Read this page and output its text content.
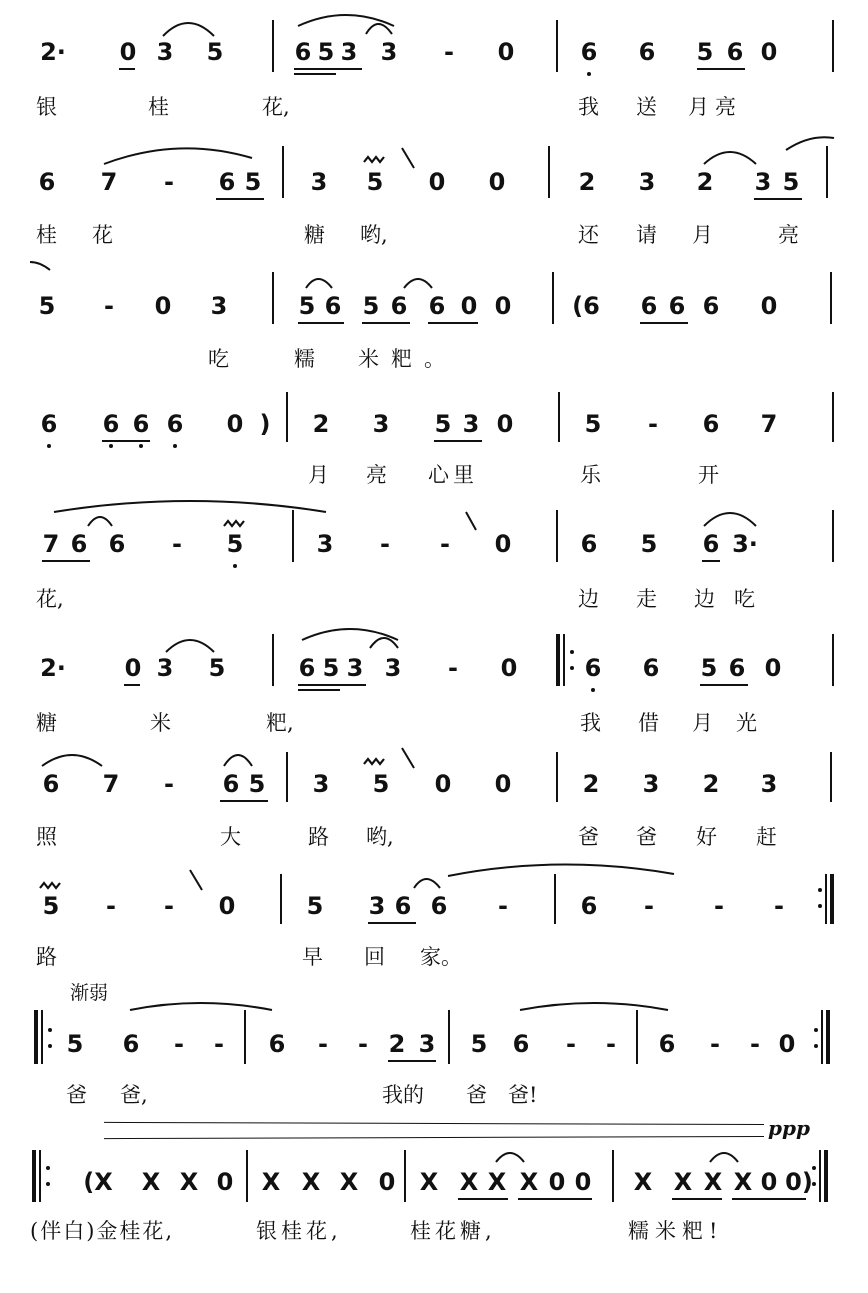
2· 0 3 5	6 5 3 3	-	0	6 6 5 6 0
银	桂	花,	我 送 月亮
6 7	-	6 5 3 5 0 0	2 3 2 3 5
桂 花	糖 哟,	还 请 月	亮
5	-	0 3	5 6 5 6 6 0 0	(6 6 6 6 0
吃	糯 米粑。
6 6 6 6 0 )	2 3 5 3 0	5	-	6 7
月 亮 心里	乐	开
7 6 6	-	5	3	-	-	0	6 5 6 3·
花,	边 走 边 吃
2· 0 3 5	6 5 3 3	-	0	6 6 5 6 0
糖	米	粑,	我 借 月 光
6 7	-	6 5 3 5 0 0	2 3 2 3
照	大	路 哟,	爸 爸 好 赶
5	-	-	0	5 3 6 6	-	6	-	-	-
路	早 回 家。
渐弱
5 6	-	-	6	-	- 2 3 5 6	-	-	6	-	- 0
爸 爸,	我的 爸 爸!
ppp
(X X X 0 X X X 0 X X X X 0 0 X X X X 0 0)
(伴白)金桂花,	银桂花,	桂花糖,	糯米粑!
